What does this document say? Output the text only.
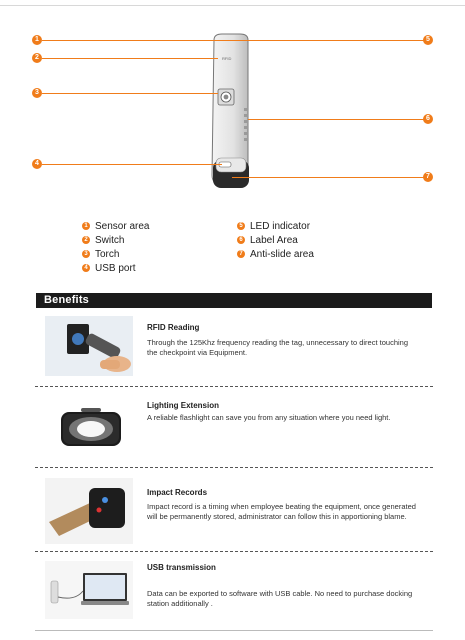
RFID
1	5
2
3
6
4
7
1 Sensor area
2 Switch
3 Torch
4 USB port
5 LED indicator
6 Label Area
7 Anti-slide area
Benefits
RFID Reading
Through the 125Khz frequency reading the tag, unnecessary to direct touching the checkpoint via Equipment.
Lighting Extension
A reliable flashlight can save you from any situation where you need light.
Impact Records
Impact record is a timing when employee beating the equipment, once generated will be permanently stored, administrator can follow this in apportioning blame.
USB transmission
Data can be exported to software with USB cable. No need to purchase docking station additionally .
